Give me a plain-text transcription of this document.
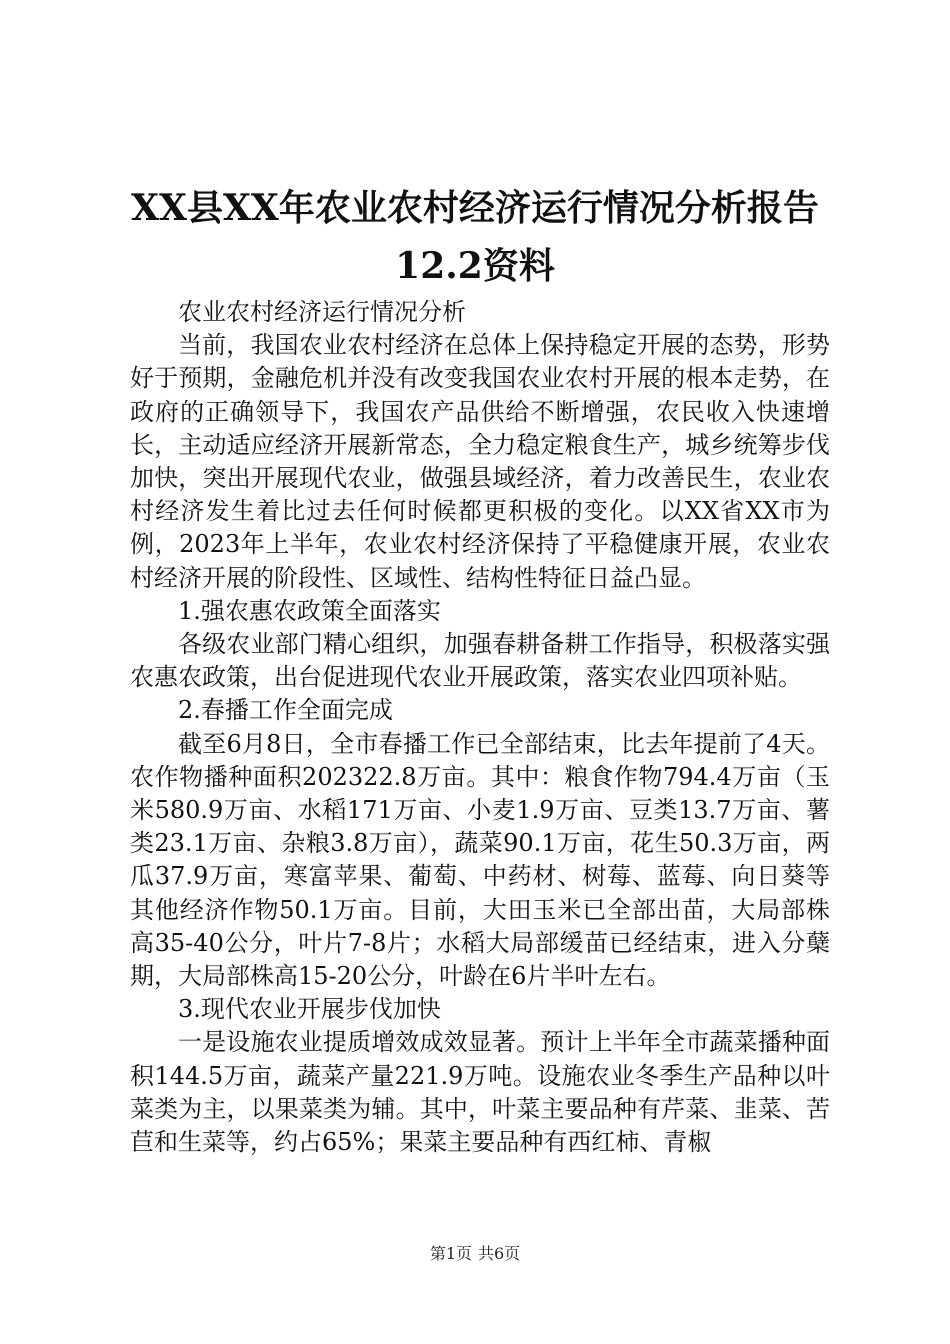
XX县XX年农业农村经济运行情况分析报告
12.2资料

农业农村经济运行情况分析

当前，我国农业农村经济在总体上保持稳定开展的态势，形势好于预期，金融危机并没有改变我国农业农村开展的根本走势，在政府的正确领导下，我国农产品供给不断增强，农民收入快速增长，主动适应经济开展新常态，全力稳定粮食生产，城乡统筹步伐加快，突出开展现代农业，做强县域经济，着力改善民生，农业农村经济发生着比过去任何时候都更积极的变化。以XX省XX市为例，2023年上半年，农业农村经济保持了平稳健康开展，农业农村经济开展的阶段性、区域性、结构性特征日益凸显。

1.强农惠农政策全面落实

各级农业部门精心组织，加强春耕备耕工作指导，积极落实强农惠农政策，出台促进现代农业开展政策，落实农业四项补贴。

2.春播工作全面完成

截至6月8日，全市春播工作已全部结束，比去年提前了4天。农作物播种面积202322.8万亩。其中：粮食作物794.4万亩（玉米580.9万亩、水稻171万亩、小麦1.9万亩、豆类13.7万亩、薯类23.1万亩、杂粮3.8万亩），蔬菜90.1万亩，花生50.3万亩，两瓜37.9万亩，寒富苹果、葡萄、中药材、树莓、蓝莓、向日葵等其他经济作物50.1万亩。目前，大田玉米已全部出苗，大局部株高35-40公分，叶片7-8片；水稻大局部缓苗已经结束，进入分蘖期，大局部株高15-20公分，叶龄在6片半叶左右。

3.现代农业开展步伐加快

一是设施农业提质增效成效显著。预计上半年全市蔬菜播种面积144.5万亩，蔬菜产量221.9万吨。设施农业冬季生产品种以叶菜类为主，以果菜类为辅。其中，叶菜主要品种有芹菜、韭菜、苦苣和生菜等，约占65%；果菜主要品种有西红柿、青椒

第1页 共6页
